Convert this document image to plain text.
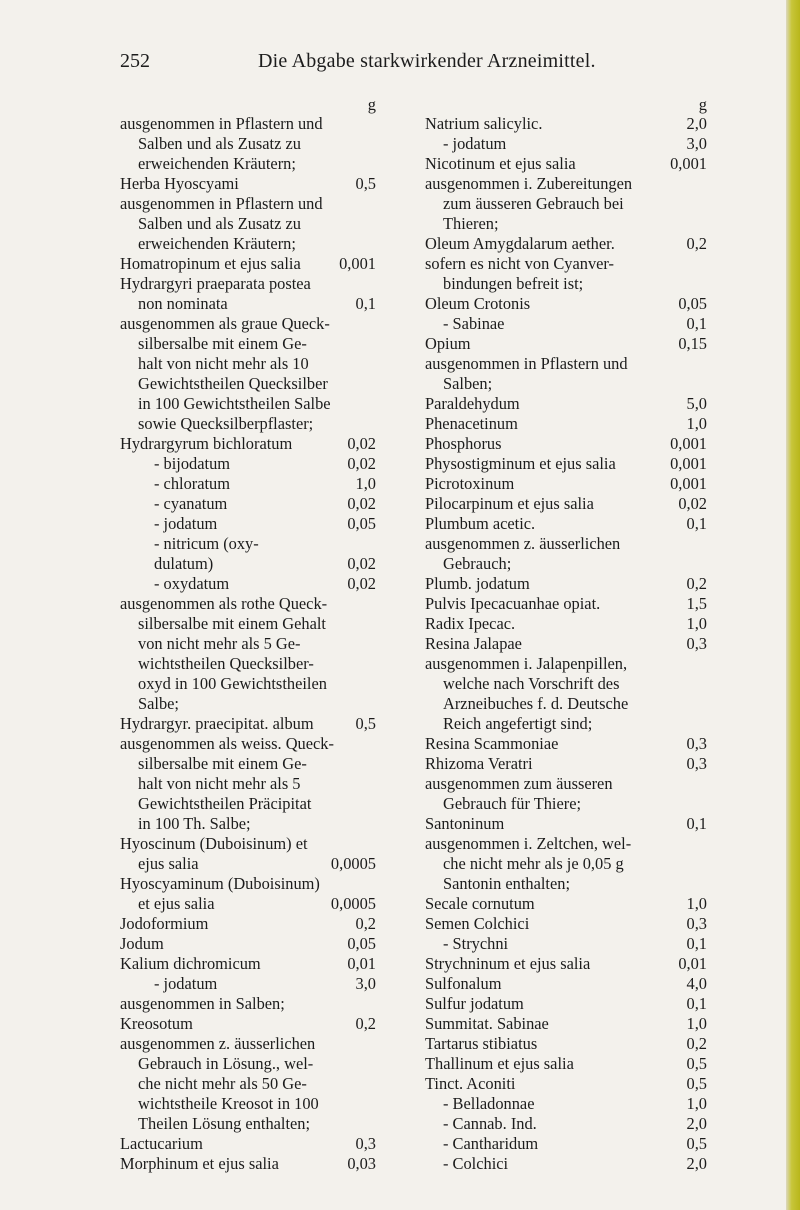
252	Die Abgabe starkwirkender Arzneimittel.
g
ausgenommen in Pflastern und
Salben und als Zusatz zu
erweichenden Kräutern;
Herba Hyoscyami	0,5
ausgenommen in Pflastern und
Salben und als Zusatz zu
erweichenden Kräutern;
Homatropinum et ejus salia 0,001
Hydrargyri praeparata postea
non nominata	0,1
ausgenommen als graue Queck-
silbersalbe mit einem Ge-
halt von nicht mehr als 10
Gewichtstheilen Quecksilber
in 100 Gewichtstheilen Salbe
sowie Quecksilberpflaster;
Hydrargyrum bichloratum	0,02
- bijodatum	0,02
- chloratum	1,0
- cyanatum	0,02
- jodatum	0,05
- nitricum (oxy-
dulatum)	0,02
- oxydatum	0,02
ausgenommen als rothe Queck-
silbersalbe mit einem Gehalt
von nicht mehr als 5 Ge-
wichtstheilen Quecksilber-
oxyd in 100 Gewichtstheilen
Salbe;
Hydrargyr. praecipitat. album	0,5
ausgenommen als weiss. Queck-
silbersalbe mit einem Ge-
halt von nicht mehr als 5
Gewichtstheilen Präcipitat
in 100 Th. Salbe;
Hyoscinum (Duboisinum) et
ejus salia	0,0005
Hyoscyaminum (Duboisinum)
et ejus salia	0,0005
Jodoformium	0,2
Jodum	0,05
Kalium dichromicum	0,01
- jodatum	3,0
ausgenommen in Salben;
Kreosotum	0,2
ausgenommen z. äusserlichen
Gebrauch in Lösung., wel-
che nicht mehr als 50 Ge-
wichtstheile Kreosot in 100
Theilen Lösung enthalten;
Lactucarium	0,3
Morphinum et ejus salia	0,03
g
Natrium salicylic.	2,0
- jodatum	3,0
Nicotinum et ejus salia	0,001
ausgenommen i. Zubereitungen
zum äusseren Gebrauch bei
Thieren;
Oleum Amygdalarum aether.	0,2
sofern es nicht von Cyanver-
bindungen befreit ist;
Oleum Crotonis	0,05
- Sabinae	0,1
Opium	0,15
ausgenommen in Pflastern und
Salben;
Paraldehydum	5,0
Phenacetinum	1,0
Phosphorus	0,001
Physostigminum et ejus salia	0,001
Picrotoxinum	0,001
Pilocarpinum et ejus salia	0,02
Plumbum acetic.	0,1
ausgenommen z. äusserlichen
Gebrauch;
Plumb. jodatum	0,2
Pulvis Ipecacuanhae opiat.	1,5
Radix Ipecac.	1,0
Resina Jalapae	0,3
ausgenommen i. Jalapenpillen,
welche nach Vorschrift des
Arzneibuches f. d. Deutsche
Reich angefertigt sind;
Resina Scammoniae	0,3
Rhizoma Veratri	0,3
ausgenommen zum äusseren
Gebrauch für Thiere;
Santoninum	0,1
ausgenommen i. Zeltchen, wel-
che nicht mehr als je 0,05 g
Santonin enthalten;
Secale cornutum	1,0
Semen Colchici	0,3
- Strychni	0,1
Strychninum et ejus salia	0,01
Sulfonalum	4,0
Sulfur jodatum	0,1
Summitat. Sabinae	1,0
Tartarus stibiatus	0,2
Thallinum et ejus salia	0,5
Tinct. Aconiti	0,5
- Belladonnae	1,0
- Cannab. Ind.	2,0
- Cantharidum	0,5
- Colchici	2,0
